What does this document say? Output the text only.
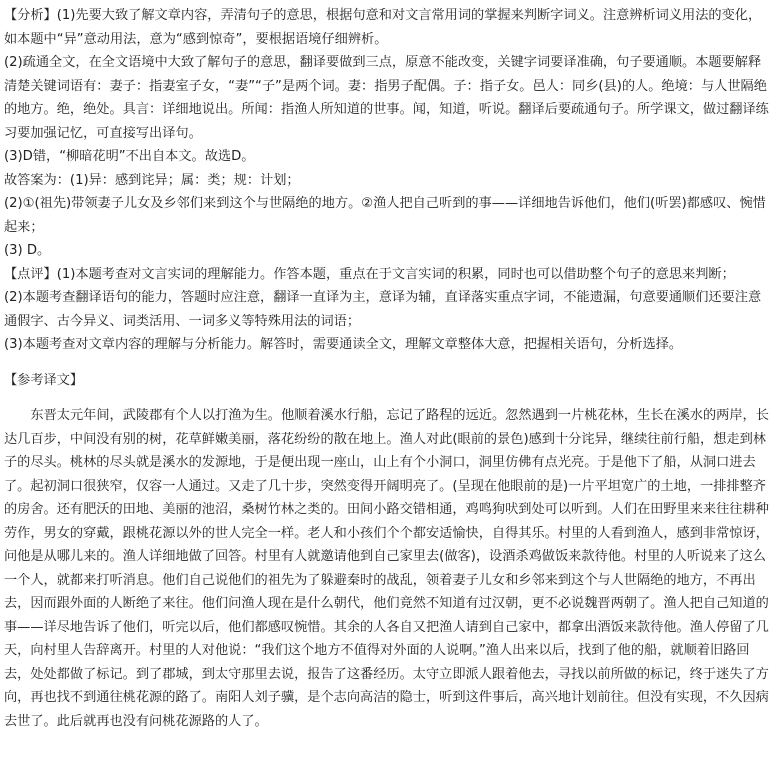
【分析】(1)先要大致了解文章内容，弄清句子的意思，根据句意和对文言常用词的掌握来判断字词义。注意辨析词义用法的变化，如本题中“异”意动用法，意为“感到惊奇”，要根据语境仔细辨析。

(2)疏通全文，在全文语境中大致了解句子的意思，翻译要做到三点，原意不能改变，关键字词要译准确，句子要通顺。本题要解释清楚关键词语有：妻子：指妻室子女，“妻”“子”是两个词。妻：指男子配偶。子：指子女。邑人：同乡(县)的人。绝境：与人世隔绝的地方。绝，绝处。具言：详细地说出。所闻：指渔人所知道的世事。闻，知道，听说。翻译后要疏通句子。所学课文，做过翻译练习要加强记忆，可直接写出译句。

(3)D错，“柳暗花明”不出自本文。故选D。

故答案为：(1)异：感到诧异；属：类；规：计划；

(2)①(祖先)带领妻子儿女及乡邻们来到这个与世隔绝的地方。②渔人把自己听到的事——详细地告诉他们，他们(听罢)都感叹、惋惜起来；

(3) D。

【点评】(1)本题考查对文言实词的理解能力。作答本题，重点在于文言实词的积累，同时也可以借助整个句子的意思来判断；

(2)本题考查翻译语句的能力，答题时应注意，翻译一直译为主，意译为辅，直译落实重点字词，不能遗漏，句意要通顺们还要注意通假字、古今异义、词类活用、一词多义等特殊用法的词语；

(3)本题考查对文章内容的理解与分析能力。解答时，需要通读全文，理解文章整体大意，把握相关语句，分析选择。

【参考译文】

东晋太元年间，武陵郡有个人以打渔为生。他顺着溪水行船，忘记了路程的远近。忽然遇到一片桃花林，生长在溪水的两岸，长达几百步，中间没有别的树，花草鲜嫩美丽，落花纷纷的散在地上。渔人对此(眼前的景色)感到十分诧异，继续往前行船，想走到林子的尽头。桃林的尽头就是溪水的发源地，于是便出现一座山，山上有个小洞口，洞里仿佛有点光亮。于是他下了船，从洞口进去了。起初洞口很狭窄，仅容一人通过。又走了几十步，突然变得开阔明亮了。(呈现在他眼前的是)一片平坦宽广的土地，一排排整齐的房舍。还有肥沃的田地、美丽的池沼，桑树竹林之类的。田间小路交错相通，鸡鸣狗吠到处可以听到。人们在田野里来来往往耕种劳作，男女的穿戴，跟桃花源以外的世人完全一样。老人和小孩们个个都安适愉快，自得其乐。村里的人看到渔人，感到非常惊讶，问他是从哪儿来的。渔人详细地做了回答。村里有人就邀请他到自己家里去(做客)，设酒杀鸡做饭来款待他。村里的人听说来了这么一个人，就都来打听消息。他们自己说他们的祖先为了躲避秦时的战乱，领着妻子儿女和乡邻来到这个与人世隔绝的地方，不再出去，因而跟外面的人断绝了来往。他们问渔人现在是什么朝代，他们竟然不知道有过汉朝，更不必说魏晋两朝了。渔人把自己知道的事——详尽地告诉了他们，听完以后，他们都感叹惋惜。其余的人各自又把渔人请到自己家中，都拿出酒饭来款待他。渔人停留了几天，向村里人告辞离开。村里的人对他说：“我们这个地方不值得对外面的人说啊。”渔人出来以后，找到了他的船，就顺着旧路回去，处处都做了标记。到了郡城，到太守那里去说，报告了这番经历。太守立即派人跟着他去，寻找以前所做的标记，终于迷失了方向，再也找不到通往桃花源的路了。南阳人刘子骥，是个志向高洁的隐士，听到这件事后，高兴地计划前往。但没有实现，不久因病去世了。此后就再也没有问桃花源路的人了。
